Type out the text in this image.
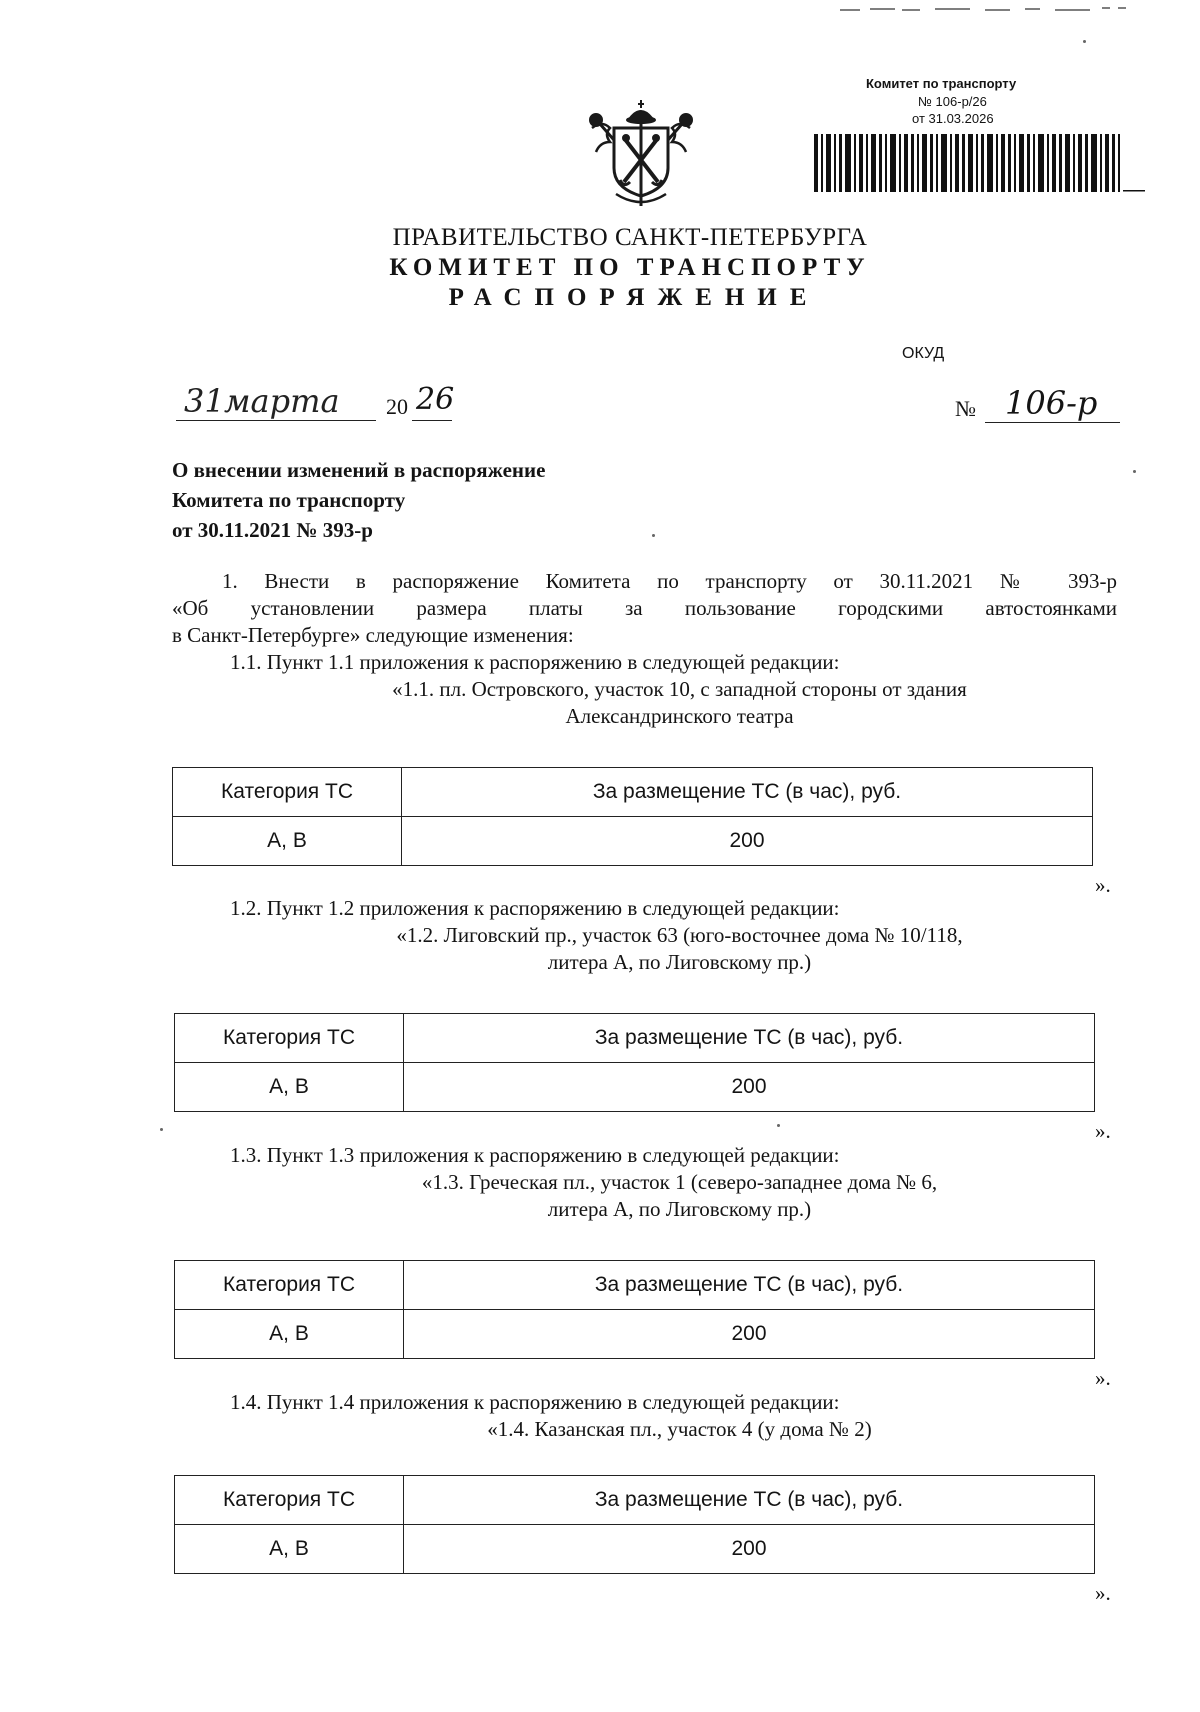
Комитет по транспорту
№ 106-р/26
от 31.03.2026
ПРАВИТЕЛЬСТВО САНКТ-ПЕТЕРБУРГА
КОМИТЕТ ПО ТРАНСПОРТУ
РАСПОРЯЖЕНИЕ
ОКУД
31 марта 20 26	№ 106-р
О внесении изменений в распоряжение
Комитета по транспорту
от 30.11.2021 № 393-р
1. Внести в распоряжение Комитета по транспорту от 30.11.2021 № 393-р
«Об установлении размера платы за пользование городскими автостоянками
в Санкт-Петербурге» следующие изменения:
1.1. Пункт 1.1 приложения к распоряжению в следующей редакции:
«1.1. пл. Островского, участок 10, с западной стороны от здания
Александринского театра
Категория ТС	За размещение ТС (в час), руб.
A, B	200
».
1.2. Пункт 1.2 приложения к распоряжению в следующей редакции:
«1.2. Лиговский пр., участок 63 (юго-восточнее дома № 10/118,
литера А, по Лиговскому пр.)
Категория ТС	За размещение ТС (в час), руб.
A, B	200
».
1.3. Пункт 1.3 приложения к распоряжению в следующей редакции:
«1.3. Греческая пл., участок 1 (северо-западнее дома № 6,
литера А, по Лиговскому пр.)
Категория ТС	За размещение ТС (в час), руб.
A, B	200
».
1.4. Пункт 1.4 приложения к распоряжению в следующей редакции:
«1.4. Казанская пл., участок 4 (у дома № 2)
Категория ТС	За размещение ТС (в час), руб.
A, B	200
».
